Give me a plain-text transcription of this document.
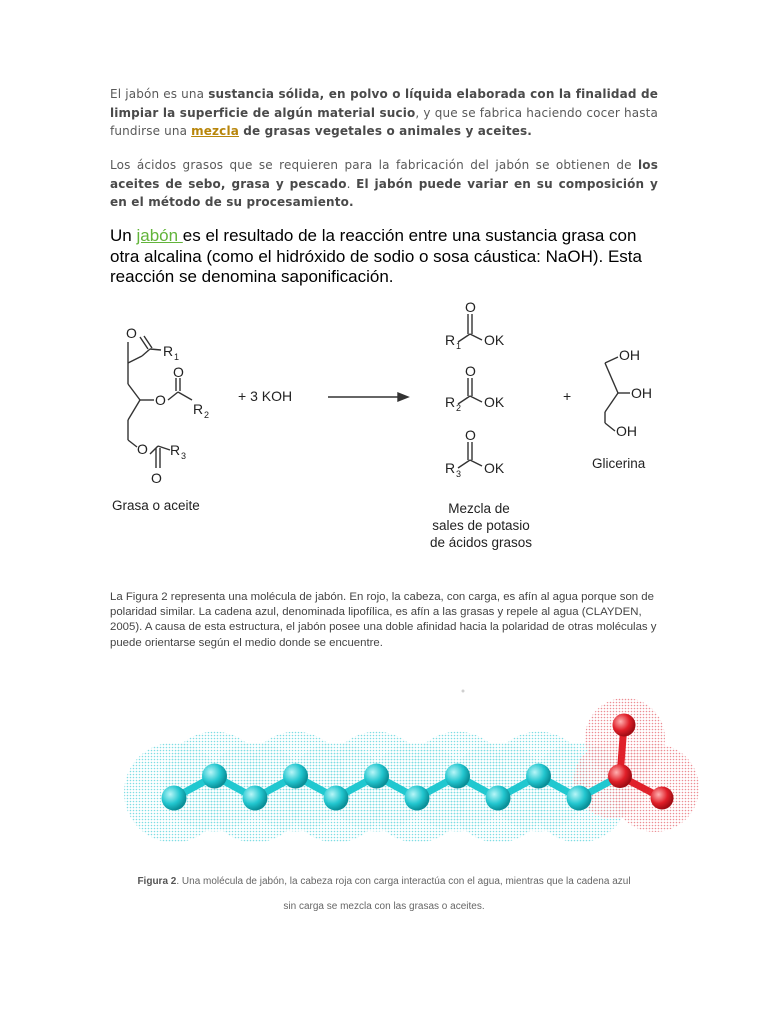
El jabón es una sustancia sólida, en polvo o líquida elaborada con la finalidad de limpiar la superficie de algún material sucio, y que se fabrica haciendo cocer hasta fundirse una mezcla de grasas vegetales o animales y aceites.
Los ácidos grasos que se requieren para la fabricación del jabón se obtienen de los aceites de sebo, grasa y pescado. El jabón puede variar en su composición y en el método de su procesamiento.
Un jabón es el resultado de la reacción entre una sustancia grasa con otra alcalina (como el hidróxido de sodio o sosa cáustica: NaOH). Esta reacción se denomina saponificación.
O
R 1
O
O
R 2
O R 3
O
Grasa o aceite
+ 3 KOH
O
R 1 OK
O
R 2 OK
O
R 3 OK
+
OH
OH
OH
Glicerina
Mezcla de
sales de potasio
de ácidos grasos
La Figura 2 representa una molécula de jabón. En rojo, la cabeza, con carga, es afín al agua porque son de polaridad similar. La cadena azul, denominada lipofílica, es afín a las grasas y repele al agua (CLAYDEN, 2005). A causa de esta estructura, el jabón posee una doble afinidad hacia la polaridad de otras moléculas y puede orientarse según el medio donde se encuentre.
Figura 2. Una molécula de jabón, la cabeza roja con carga interactúa con el agua, mientras que la cadena azul
sin carga se mezcla con las grasas o aceites.
